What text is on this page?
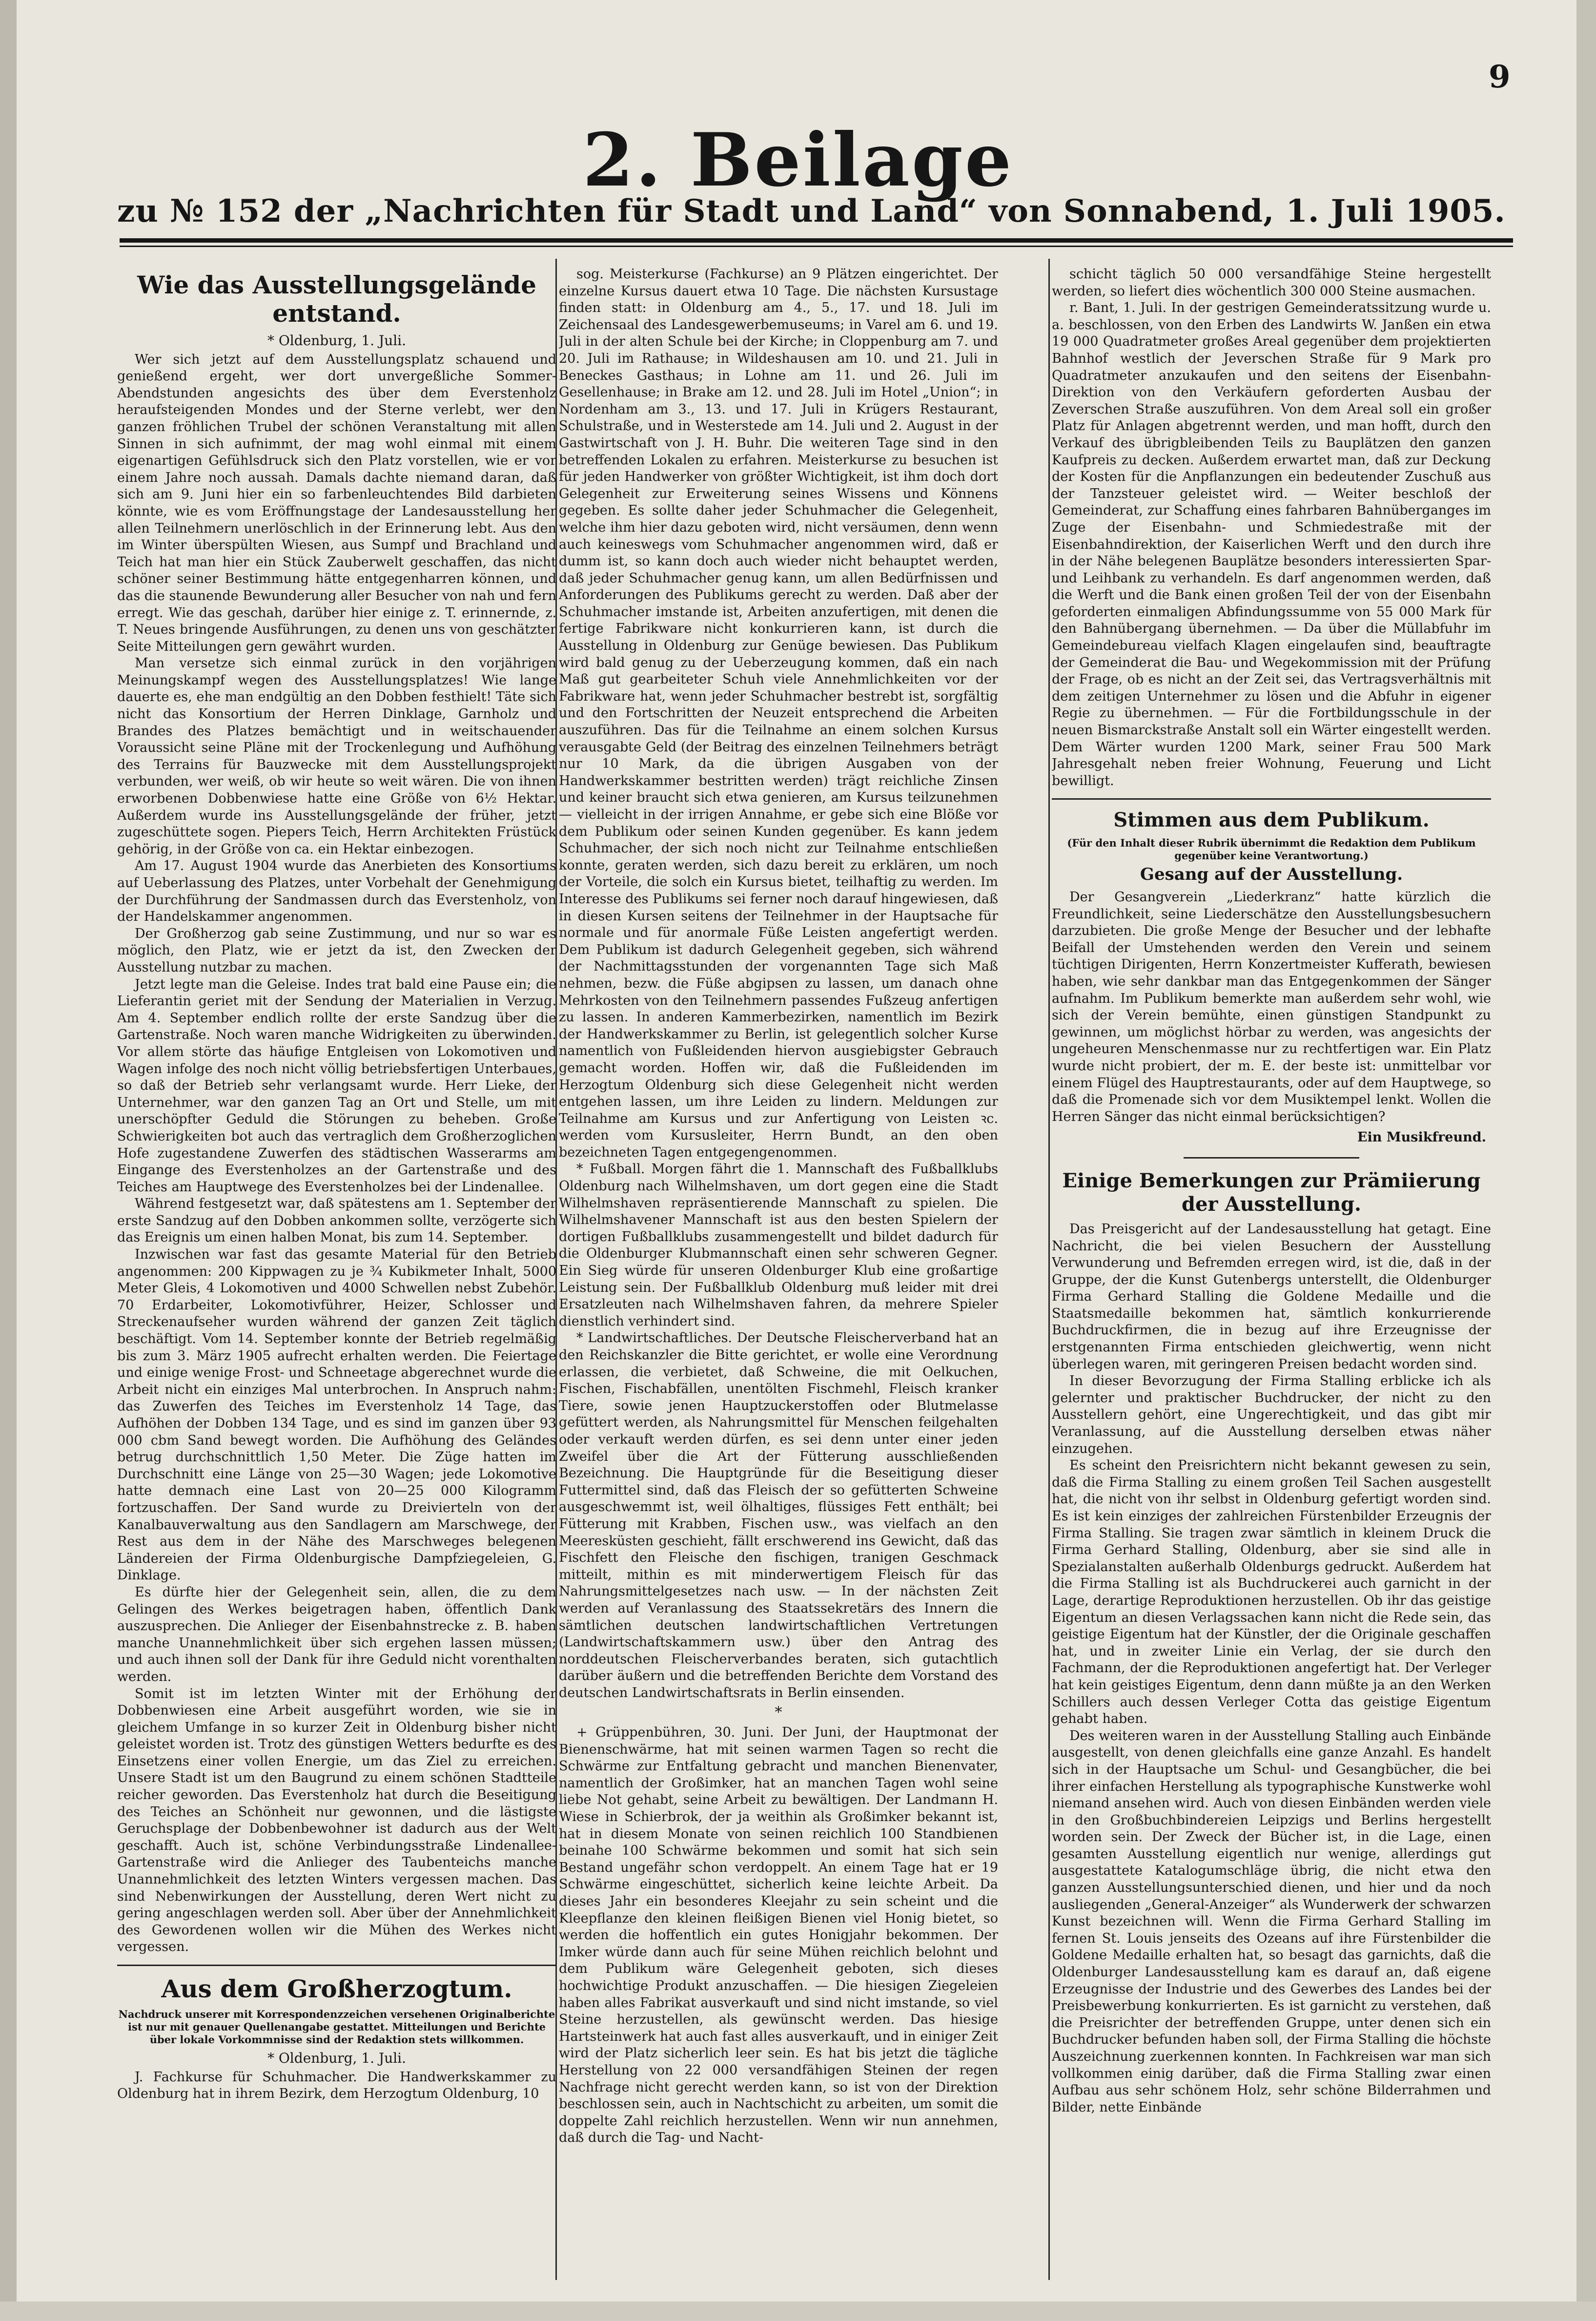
9
2. Beilage
zu № 152 der „Nachrichten für Stadt und Land“ von Sonnabend, 1. Juli 1905.
Wie das Ausstellungsgelände entstand.
* Oldenburg, 1. Juli.

Wer sich jetzt auf dem Ausstellungsplatz schauend und genießend ergeht, wer dort unvergeßliche Sommer-Abendstunden angesichts des über dem Everstenholz heraufsteigenden Mondes und der Sterne verlebt, wer den ganzen fröhlichen Trubel der schönen Veranstaltung mit allen Sinnen in sich aufnimmt, der mag wohl einmal mit einem eigenartigen Gefühlsdruck sich den Platz vorstellen, wie er vor einem Jahre noch aussah. Damals dachte niemand daran, daß sich am 9. Juni hier ein so farbenleuchtendes Bild darbieten könnte, wie es vom Eröffnungstage der Landesausstellung her allen Teilnehmern unerlöschlich in der Erinnerung lebt. Aus den im Winter überspülten Wiesen, aus Sumpf und Brachland und Teich hat man hier ein Stück Zauberwelt geschaffen, das nicht schöner seiner Bestimmung hätte entgegenharren können, und das die staunende Bewunderung aller Besucher von nah und fern erregt. Wie das geschah, darüber hier einige z. T. erinnernde, z. T. Neues bringende Ausführungen, zu denen uns von geschätzter Seite Mitteilungen gern gewährt wurden.

Man versetze sich einmal zurück in den vorjährigen Meinungskampf wegen des Ausstellungsplatzes! Wie lange dauerte es, ehe man endgültig an den Dobben festhielt! Täte sich nicht das Konsortium der Herren Dinklage, Garnholz und Brandes des Platzes bemächtigt und in weitschauender Voraussicht seine Pläne mit der Trockenlegung und Aufhöhung des Terrains für Bauzwecke mit dem Ausstellungsprojekt verbunden, wer weiß, ob wir heute so weit wären. Die von ihnen erworbenen Dobbenwiese hatte eine Größe von 6½ Hektar. Außerdem wurde ins Ausstellungsgelände der früher, jetzt zugeschüttete sogen. Piepers Teich, Herrn Architekten Früstück gehörig, in der Größe von ca. ein Hektar einbezogen.

Am 17. August 1904 wurde das Anerbieten des Konsortiums auf Ueberlassung des Platzes, unter Vorbehalt der Genehmigung der Durchführung der Sandmassen durch das Everstenholz, von der Handelskammer angenommen.

Der Großherzog gab seine Zustimmung, und nur so war es möglich, den Platz, wie er jetzt da ist, den Zwecken der Ausstellung nutzbar zu machen.

Jetzt legte man die Geleise. Indes trat bald eine Pause ein; die Lieferantin geriet mit der Sendung der Materialien in Verzug. Am 4. September endlich rollte der erste Sandzug über die Gartenstraße. Noch waren manche Widrigkeiten zu überwinden. Vor allem störte das häufige Entgleisen von Lokomotiven und Wagen infolge des noch nicht völlig betriebsfertigen Unterbaues, so daß der Betrieb sehr verlangsamt wurde. Herr Lieke, der Unternehmer, war den ganzen Tag an Ort und Stelle, um mit unerschöpfter Geduld die Störungen zu beheben. Große Schwierigkeiten bot auch das vertraglich dem Großherzoglichen Hofe zugestandene Zuwerfen des städtischen Wasserarms am Eingange des Everstenholzes an der Gartenstraße und des Teiches am Hauptwege des Everstenholzes bei der Lindenallee.

Während festgesetzt war, daß spätestens am 1. September der erste Sandzug auf den Dobben ankommen sollte, verzögerte sich das Ereignis um einen halben Monat, bis zum 14. September.

Inzwischen war fast das gesamte Material für den Betrieb angenommen: 200 Kippwagen zu je ¾ Kubikmeter Inhalt, 5000 Meter Gleis, 4 Lokomotiven und 4000 Schwellen nebst Zubehör. 70 Erdarbeiter, Lokomotivführer, Heizer, Schlosser und Streckenaufseher wurden während der ganzen Zeit täglich beschäftigt. Vom 14. September konnte der Betrieb regelmäßig bis zum 3. März 1905 aufrecht erhalten werden. Die Feiertage und einige wenige Frost- und Schneetage abgerechnet wurde die Arbeit nicht ein einziges Mal unterbrochen. In Anspruch nahm: das Zuwerfen des Teiches im Everstenholz 14 Tage, das Aufhöhen der Dobben 134 Tage, und es sind im ganzen über 93 000 cbm Sand bewegt worden. Die Aufhöhung des Geländes betrug durchschnittlich 1,50 Meter. Die Züge hatten im Durchschnitt eine Länge von 25—30 Wagen; jede Lokomotive hatte demnach eine Last von 20—25 000 Kilogramm fortzuschaffen. Der Sand wurde zu Dreivierteln von der Kanalbauverwaltung aus den Sandlagern am Marschwege, der Rest aus dem in der Nähe des Marschweges belegenen Ländereien der Firma Oldenburgische Dampfziegeleien, G. Dinklage.

Es dürfte hier der Gelegenheit sein, allen, die zu dem Gelingen des Werkes beigetragen haben, öffentlich Dank auszusprechen. Die Anlieger der Eisenbahnstrecke z. B. haben manche Unannehmlichkeit über sich ergehen lassen müssen; und auch ihnen soll der Dank für ihre Geduld nicht vorenthalten werden.

Somit ist im letzten Winter mit der Erhöhung der Dobbenwiesen eine Arbeit ausgeführt worden, wie sie in gleichem Umfange in so kurzer Zeit in Oldenburg bisher nicht geleistet worden ist. Trotz des günstigen Wetters bedurfte es des Einsetzens einer vollen Energie, um das Ziel zu erreichen. Unsere Stadt ist um den Baugrund zu einem schönen Stadtteile reicher geworden. Das Everstenholz hat durch die Beseitigung des Teiches an Schönheit nur gewonnen, und die lästigste Geruchsplage der Dobbenbewohner ist dadurch aus der Welt geschafft. Auch ist, schöne Verbindungsstraße Lindenallee-Gartenstraße wird die Anlieger des Taubenteichs manche Unannehmlichkeit des letzten Winters vergessen machen. Das sind Nebenwirkungen der Ausstellung, deren Wert nicht zu gering angeschlagen werden soll. Aber über der Annehmlichkeit des Gewordenen wollen wir die Mühen des Werkes nicht vergessen.

Aus dem Großherzogtum.
Nachdruck unserer mit Korrespondenzzeichen versehenen Originalberichte ist nur mit genauer Quellenangabe gestattet. Mitteilungen und Berichte über lokale Vorkommnisse sind der Redaktion stets willkommen.
* Oldenburg, 1. Juli.

J. Fachkurse für Schuhmacher. Die Handwerkskammer zu Oldenburg hat in ihrem Bezirk, dem Herzogtum Oldenburg, 10

sog. Meisterkurse (Fachkurse) an 9 Plätzen eingerichtet. Der einzelne Kursus dauert etwa 10 Tage. Die nächsten Kursustage finden statt: in Oldenburg am 4., 5., 17. und 18. Juli im Zeichensaal des Landesgewerbemuseums; in Varel am 6. und 19. Juli in der alten Schule bei der Kirche; in Cloppenburg am 7. und 20. Juli im Rathause; in Wildeshausen am 10. und 21. Juli in Beneckes Gasthaus; in Lohne am 11. und 26. Juli im Gesellenhause; in Brake am 12. und 28. Juli im Hotel „Union“; in Nordenham am 3., 13. und 17. Juli in Krügers Restaurant, Schulstraße, und in Westerstede am 14. Juli und 2. August in der Gastwirtschaft von J. H. Buhr. Die weiteren Tage sind in den betreffenden Lokalen zu erfahren. Meisterkurse zu besuchen ist für jeden Handwerker von größter Wichtigkeit, ist ihm doch dort Gelegenheit zur Erweiterung seines Wissens und Könnens gegeben. Es sollte daher jeder Schuhmacher die Gelegenheit, welche ihm hier dazu geboten wird, nicht versäumen, denn wenn auch keineswegs vom Schuhmacher angenommen wird, daß er dumm ist, so kann doch auch wieder nicht behauptet werden, daß jeder Schuhmacher genug kann, um allen Bedürfnissen und Anforderungen des Publikums gerecht zu werden. Daß aber der Schuhmacher imstande ist, Arbeiten anzufertigen, mit denen die fertige Fabrikware nicht konkurrieren kann, ist durch die Ausstellung in Oldenburg zur Genüge bewiesen. Das Publikum wird bald genug zu der Ueberzeugung kommen, daß ein nach Maß gut gearbeiteter Schuh viele Annehmlichkeiten vor der Fabrikware hat, wenn jeder Schuhmacher bestrebt ist, sorgfältig und den Fortschritten der Neuzeit entsprechend die Arbeiten auszuführen. Das für die Teilnahme an einem solchen Kursus verausgabte Geld (der Beitrag des einzelnen Teilnehmers beträgt nur 10 Mark, da die übrigen Ausgaben von der Handwerkskammer bestritten werden) trägt reichliche Zinsen und keiner braucht sich etwa genieren, am Kursus teilzunehmen — vielleicht in der irrigen Annahme, er gebe sich eine Blöße vor dem Publikum oder seinen Kunden gegenüber. Es kann jedem Schuhmacher, der sich noch nicht zur Teilnahme entschließen konnte, geraten werden, sich dazu bereit zu erklären, um noch der Vorteile, die solch ein Kursus bietet, teilhaftig zu werden. Im Interesse des Publikums sei ferner noch darauf hingewiesen, daß in diesen Kursen seitens der Teilnehmer in der Hauptsache für normale und für anormale Füße Leisten angefertigt werden. Dem Publikum ist dadurch Gelegenheit gegeben, sich während der Nachmittagsstunden der vorgenannten Tage sich Maß nehmen, bezw. die Füße abgipsen zu lassen, um danach ohne Mehrkosten von den Teilnehmern passendes Fußzeug anfertigen zu lassen. In anderen Kammerbezirken, namentlich im Bezirk der Handwerkskammer zu Berlin, ist gelegentlich solcher Kurse namentlich von Fußleidenden hiervon ausgiebigster Gebrauch gemacht worden. Hoffen wir, daß die Fußleidenden im Herzogtum Oldenburg sich diese Gelegenheit nicht werden entgehen lassen, um ihre Leiden zu lindern. Meldungen zur Teilnahme am Kursus und zur Anfertigung von Leisten ꝛc. werden vom Kursusleiter, Herrn Bundt, an den oben bezeichneten Tagen entgegengenommen.

* Fußball. Morgen fährt die 1. Mannschaft des Fußballklubs Oldenburg nach Wilhelmshaven, um dort gegen eine die Stadt Wilhelmshaven repräsentierende Mannschaft zu spielen. Die Wilhelmshavener Mannschaft ist aus den besten Spielern der dortigen Fußballklubs zusammengestellt und bildet dadurch für die Oldenburger Klubmannschaft einen sehr schweren Gegner. Ein Sieg würde für unseren Oldenburger Klub eine großartige Leistung sein. Der Fußballklub Oldenburg muß leider mit drei Ersatzleuten nach Wilhelmshaven fahren, da mehrere Spieler dienstlich verhindert sind.

* Landwirtschaftliches. Der Deutsche Fleischerverband hat an den Reichskanzler die Bitte gerichtet, er wolle eine Verordnung erlassen, die verbietet, daß Schweine, die mit Oelkuchen, Fischen, Fischabfällen, unentölten Fischmehl, Fleisch kranker Tiere, sowie jenen Hauptzuckerstoffen oder Blutmelasse gefüttert werden, als Nahrungsmittel für Menschen feilgehalten oder verkauft werden dürfen, es sei denn unter einer jeden Zweifel über die Art der Fütterung ausschließenden Bezeichnung. Die Hauptgründe für die Beseitigung dieser Futtermittel sind, daß das Fleisch der so gefütterten Schweine ausgeschwemmt ist, weil ölhaltiges, flüssiges Fett enthält; bei Fütterung mit Krabben, Fischen usw., was vielfach an den Meeresküsten geschieht, fällt erschwerend ins Gewicht, daß das Fischfett den Fleische den fischigen, tranigen Geschmack mitteilt, mithin es mit minderwertigem Fleisch für das Nahrungsmittelgesetzes nach usw. — In der nächsten Zeit werden auf Veranlassung des Staatssekretärs des Innern die sämtlichen deutschen landwirtschaftlichen Vertretungen (Landwirtschaftskammern usw.) über den Antrag des norddeutschen Fleischerverbandes beraten, sich gutachtlich darüber äußern und die betreffenden Berichte dem Vorstand des deutschen Landwirtschaftsrats in Berlin einsenden.

*

+ Grüppenbühren, 30. Juni. Der Juni, der Hauptmonat der Bienenschwärme, hat mit seinen warmen Tagen so recht die Schwärme zur Entfaltung gebracht und manchen Bienenvater, namentlich der Großimker, hat an manchen Tagen wohl seine liebe Not gehabt, seine Arbeit zu bewältigen. Der Landmann H. Wiese in Schierbrok, der ja weithin als Großimker bekannt ist, hat in diesem Monate von seinen reichlich 100 Standbienen beinahe 100 Schwärme bekommen und somit hat sich sein Bestand ungefähr schon verdoppelt. An einem Tage hat er 19 Schwärme eingeschüttet, sicherlich keine leichte Arbeit. Da dieses Jahr ein besonderes Kleejahr zu sein scheint und die Kleepflanze den kleinen fleißigen Bienen viel Honig bietet, so werden die hoffentlich ein gutes Honigjahr bekommen. Der Imker würde dann auch für seine Mühen reichlich belohnt und dem Publikum wäre Gelegenheit geboten, sich dieses hochwichtige Produkt anzuschaffen. — Die hiesigen Ziegeleien haben alles Fabrikat ausverkauft und sind nicht imstande, so viel Steine herzustellen, als gewünscht werden. Das hiesige Hartsteinwerk hat auch fast alles ausverkauft, und in einiger Zeit wird der Platz sicherlich leer sein. Es hat bis jetzt die tägliche Herstellung von 22 000 versandfähigen Steinen der regen Nachfrage nicht gerecht werden kann, so ist von der Direktion beschlossen sein, auch in Nachtschicht zu arbeiten, um somit die doppelte Zahl reichlich herzustellen. Wenn wir nun annehmen, daß durch die Tag- und Nacht-

schicht täglich 50 000 versandfähige Steine hergestellt werden, so liefert dies wöchentlich 300 000 Steine ausmachen.

r. Bant, 1. Juli. In der gestrigen Gemeinderatssitzung wurde u. a. beschlossen, von den Erben des Landwirts W. Janßen ein etwa 19 000 Quadratmeter großes Areal gegenüber dem projektierten Bahnhof westlich der Jeverschen Straße für 9 Mark pro Quadratmeter anzukaufen und den seitens der Eisenbahn-Direktion von den Verkäufern geforderten Ausbau der Zeverschen Straße auszuführen. Von dem Areal soll ein großer Platz für Anlagen abgetrennt werden, und man hofft, durch den Verkauf des übrigbleibenden Teils zu Bauplätzen den ganzen Kaufpreis zu decken. Außerdem erwartet man, daß zur Deckung der Kosten für die Anpflanzungen ein bedeutender Zuschuß aus der Tanzsteuer geleistet wird. — Weiter beschloß der Gemeinderat, zur Schaffung eines fahrbaren Bahnüberganges im Zuge der Eisenbahn- und Schmiedestraße mit der Eisenbahndirektion, der Kaiserlichen Werft und den durch ihre in der Nähe belegenen Bauplätze besonders interessierten Spar- und Leihbank zu verhandeln. Es darf angenommen werden, daß die Werft und die Bank einen großen Teil der von der Eisenbahn geforderten einmaligen Abfindungssumme von 55 000 Mark für den Bahnübergang übernehmen. — Da über die Müllabfuhr im Gemeindebureau vielfach Klagen eingelaufen sind, beauftragte der Gemeinderat die Bau- und Wegekommission mit der Prüfung der Frage, ob es nicht an der Zeit sei, das Vertragsverhältnis mit dem zeitigen Unternehmer zu lösen und die Abfuhr in eigener Regie zu übernehmen. — Für die Fortbildungsschule in der neuen Bismarckstraße Anstalt soll ein Wärter eingestellt werden. Dem Wärter wurden 1200 Mark, seiner Frau 500 Mark Jahresgehalt neben freier Wohnung, Feuerung und Licht bewilligt.

Stimmen aus dem Publikum.
(Für den Inhalt dieser Rubrik übernimmt die Redaktion dem Publikum gegenüber keine Verantwortung.)
Gesang auf der Ausstellung.

Der Gesangverein „Liederkranz“ hatte kürzlich die Freundlichkeit, seine Liederschätze den Ausstellungsbesuchern darzubieten. Die große Menge der Besucher und der lebhafte Beifall der Umstehenden werden den Verein und seinem tüchtigen Dirigenten, Herrn Konzertmeister Kufferath, bewiesen haben, wie sehr dankbar man das Entgegenkommen der Sänger aufnahm. Im Publikum bemerkte man außerdem sehr wohl, wie sich der Verein bemühte, einen günstigen Standpunkt zu gewinnen, um möglichst hörbar zu werden, was angesichts der ungeheuren Menschenmasse nur zu rechtfertigen war. Ein Platz wurde nicht probiert, der m. E. der beste ist: unmittelbar vor einem Flügel des Hauptrestaurants, oder auf dem Hauptwege, so daß die Promenade sich vor dem Musiktempel lenkt. Wollen die Herren Sänger das nicht einmal berücksichtigen?

Ein Musikfreund.
Einige Bemerkungen zur Prämiierung der Ausstellung.

Das Preisgericht auf der Landesausstellung hat getagt. Eine Nachricht, die bei vielen Besuchern der Ausstellung Verwunderung und Befremden erregen wird, ist die, daß in der Gruppe, der die Kunst Gutenbergs unterstellt, die Oldenburger Firma Gerhard Stalling die Goldene Medaille und die Staatsmedaille bekommen hat, sämtlich konkurrierende Buchdruckfirmen, die in bezug auf ihre Erzeugnisse der erstgenannten Firma entschieden gleichwertig, wenn nicht überlegen waren, mit geringeren Preisen bedacht worden sind.

In dieser Bevorzugung der Firma Stalling erblicke ich als gelernter und praktischer Buchdrucker, der nicht zu den Ausstellern gehört, eine Ungerechtigkeit, und das gibt mir Veranlassung, auf die Ausstellung derselben etwas näher einzugehen.

Es scheint den Preisrichtern nicht bekannt gewesen zu sein, daß die Firma Stalling zu einem großen Teil Sachen ausgestellt hat, die nicht von ihr selbst in Oldenburg gefertigt worden sind. Es ist kein einziges der zahlreichen Fürstenbilder Erzeugnis der Firma Stalling. Sie tragen zwar sämtlich in kleinem Druck die Firma Gerhard Stalling, Oldenburg, aber sie sind alle in Spezialanstalten außerhalb Oldenburgs gedruckt. Außerdem hat die Firma Stalling ist als Buchdruckerei auch garnicht in der Lage, derartige Reproduktionen herzustellen. Ob ihr das geistige Eigentum an diesen Verlagssachen kann nicht die Rede sein, das geistige Eigentum hat der Künstler, der die Originale geschaffen hat, und in zweiter Linie ein Verlag, der sie durch den Fachmann, der die Reproduktionen angefertigt hat. Der Verleger hat kein geistiges Eigentum, denn dann müßte ja an den Werken Schillers auch dessen Verleger Cotta das geistige Eigentum gehabt haben.

Des weiteren waren in der Ausstellung Stalling auch Einbände ausgestellt, von denen gleichfalls eine ganze Anzahl. Es handelt sich in der Hauptsache um Schul- und Gesangbücher, die bei ihrer einfachen Herstellung als typographische Kunstwerke wohl niemand ansehen wird. Auch von diesen Einbänden werden viele in den Großbuchbindereien Leipzigs und Berlins hergestellt worden sein. Der Zweck der Bücher ist, in die Lage, einen gesamten Ausstellung eigentlich nur wenige, allerdings gut ausgestattete Katalogumschläge übrig, die nicht etwa den ganzen Ausstellungsunterschied dienen, und hier und da noch ausliegenden „General-Anzeiger“ als Wunderwerk der schwarzen Kunst bezeichnen will. Wenn die Firma Gerhard Stalling im fernen St. Louis jenseits des Ozeans auf ihre Fürstenbilder die Goldene Medaille erhalten hat, so besagt das garnichts, daß die Oldenburger Landesausstellung kam es darauf an, daß eigene Erzeugnisse der Industrie und des Gewerbes des Landes bei der Preisbewerbung konkurrierten. Es ist garnicht zu verstehen, daß die Preisrichter der betreffenden Gruppe, unter denen sich ein Buchdrucker befunden haben soll, der Firma Stalling die höchste Auszeichnung zuerkennen konnten. In Fachkreisen war man sich vollkommen einig darüber, daß die Firma Stalling zwar einen Aufbau aus sehr schönem Holz, sehr schöne Bilderrahmen und Bilder, nette Einbände
